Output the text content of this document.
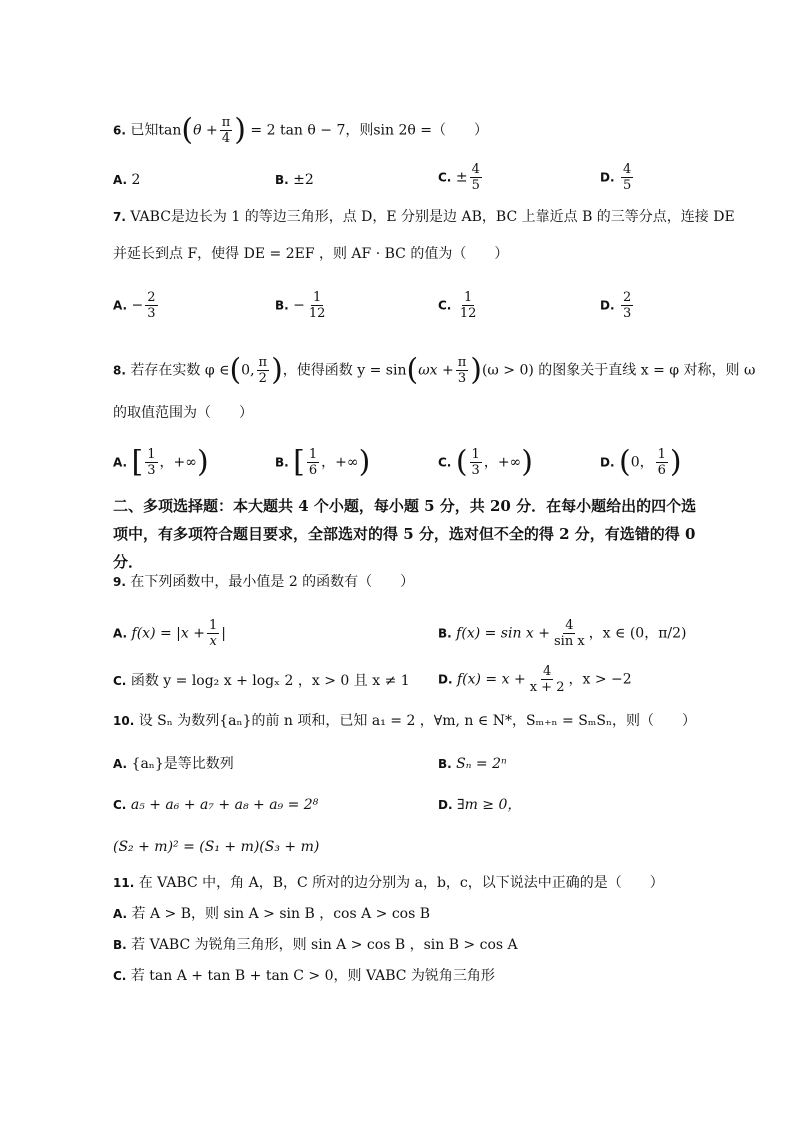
6. 已知$\tan(\theta + \frac{\pi}{4}$ ) = 2 tan θ − 7，则sin 2θ =（　　）
A. 2	B. ±2	C. ± $\frac{4}{5}$	D. $\frac{4}{5}$
7. VABC是边长为 1 的等边三角形，点 D，E 分别是边 AB，BC 上靠近点 B 的三等分点，连接 DE
并延长到点 F，使得 DE = 2EF ，则 AF · BC 的值为（　　）
A. − $\frac{2}{3}$	B. − $\frac{1}{12}$	C. $\frac{1}{12}$	D. $\frac{2}{3}$
8. 若存在实数 φ ∈(0, $\frac{\pi}{2}$ )，使得函数 $y = \sin(\omega x + \frac{\pi}{3} )(\omega > 0)$ 的图象关于直线 x = φ 对称，则 ω
的取值范围为（　　）
A. [ $\frac{1}{3}$ ，+∞)	B. [ $\frac{1}{6}$ ，+∞)	C. ( $\frac{1}{3}$ ，+∞)	D. (0， $\frac{1}{6}$ )
二、多项选择题：本大题共 4 个小题，每小题 5 分，共 20 分．在每小题给出的四个选项中，有多项符合题目要求，全部选对的得 5 分，选对但不全的得 2 分，有选错的得 0 分．
9. 在下列函数中，最小值是 2 的函数有（　　）
A. $f(x) = |x + \frac{1}{x}$ |	B. $f(x) = \sin x + \frac{4}{\text{sin x}}$ ，x ∈ (0，π/2)
C. 函数 y = log₂ x + logₓ 2 ，x > 0 且 x ≠ 1 D. $f(x) = x + \frac{4}{x + 2}$ ，x > −2
10. 设 Sₙ 为数列{aₙ}的前 n 项和，已知 a₁ = 2 ，∀m, n ∈ N*，Sₘ₊ₙ = SₘSₙ，则（　　）
A. {aₙ}是等比数列	B. Sₙ = 2ⁿ
C. a₅ + a₆ + a₇ + a₈ + a₉ = 2⁸	D. ∃m ≥ 0，
(S₂ + m)² = (S₁ + m)(S₃ + m)
11. 在 VABC 中，角 A，B，C 所对的边分别为 a，b，c，以下说法中正确的是（　　）
A. 若 A > B，则 sin A > sin B ，cos A > cos B
B. 若 VABC 为锐角三角形，则 sin A > cos B ，sin B > cos A
C. 若 tan A + tan B + tan C > 0，则 VABC 为锐角三角形
